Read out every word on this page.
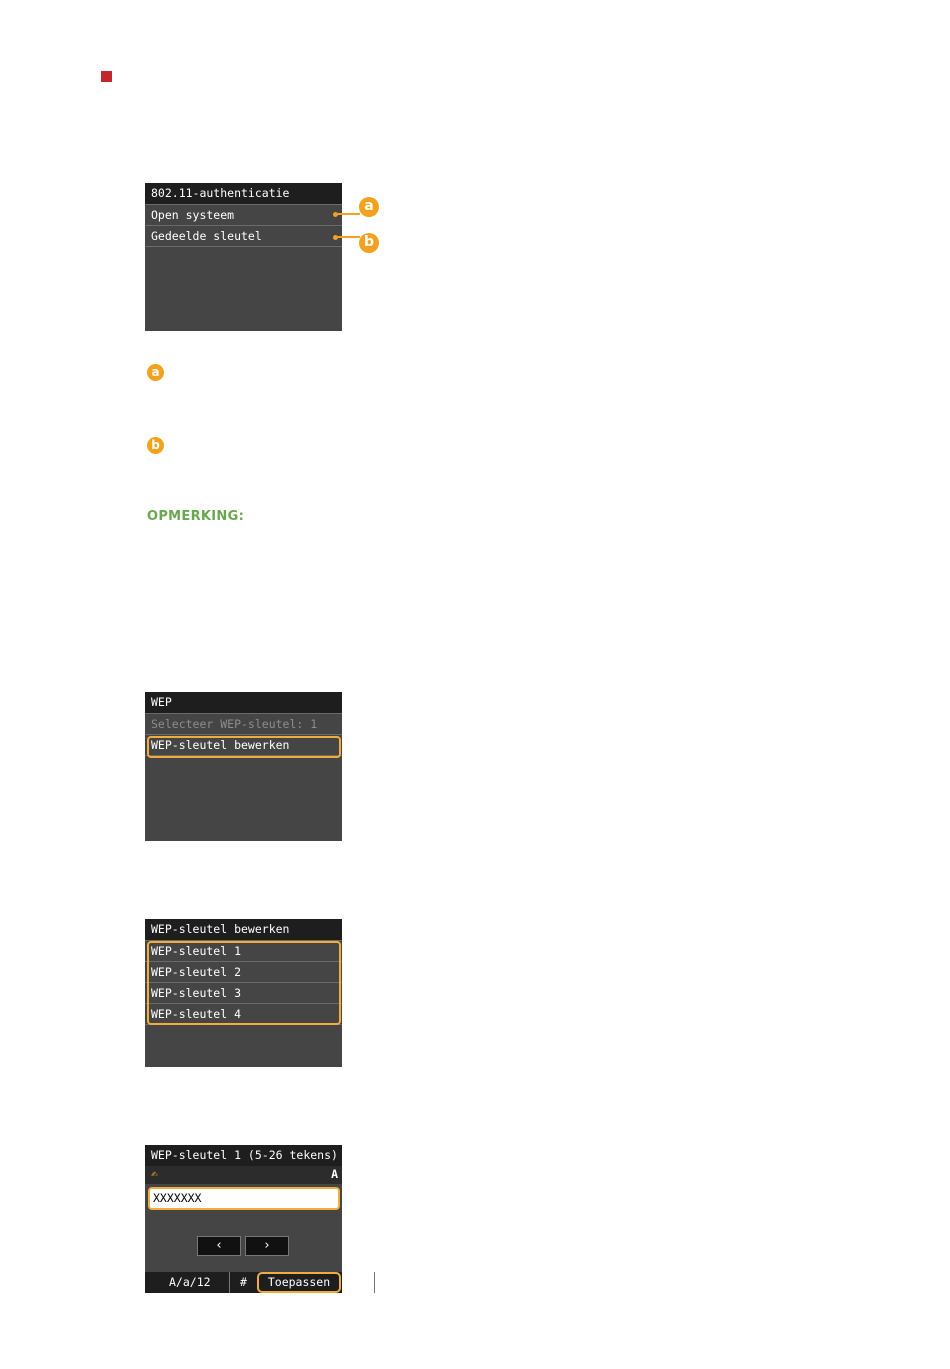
802.11-authenticatie
Open systeem
Gedeelde sleutel
a
b
a
b
OPMERKING:
WEP
Selecteer WEP-sleutel: 1
WEP-sleutel bewerken
WEP-sleutel bewerken
WEP-sleutel 1
WEP-sleutel 2
WEP-sleutel 3
WEP-sleutel 4
WEP-sleutel 1 (5-26 tekens)
✍	A
XXXXXXX
‹	›
A/a/12	#	Toepassen
